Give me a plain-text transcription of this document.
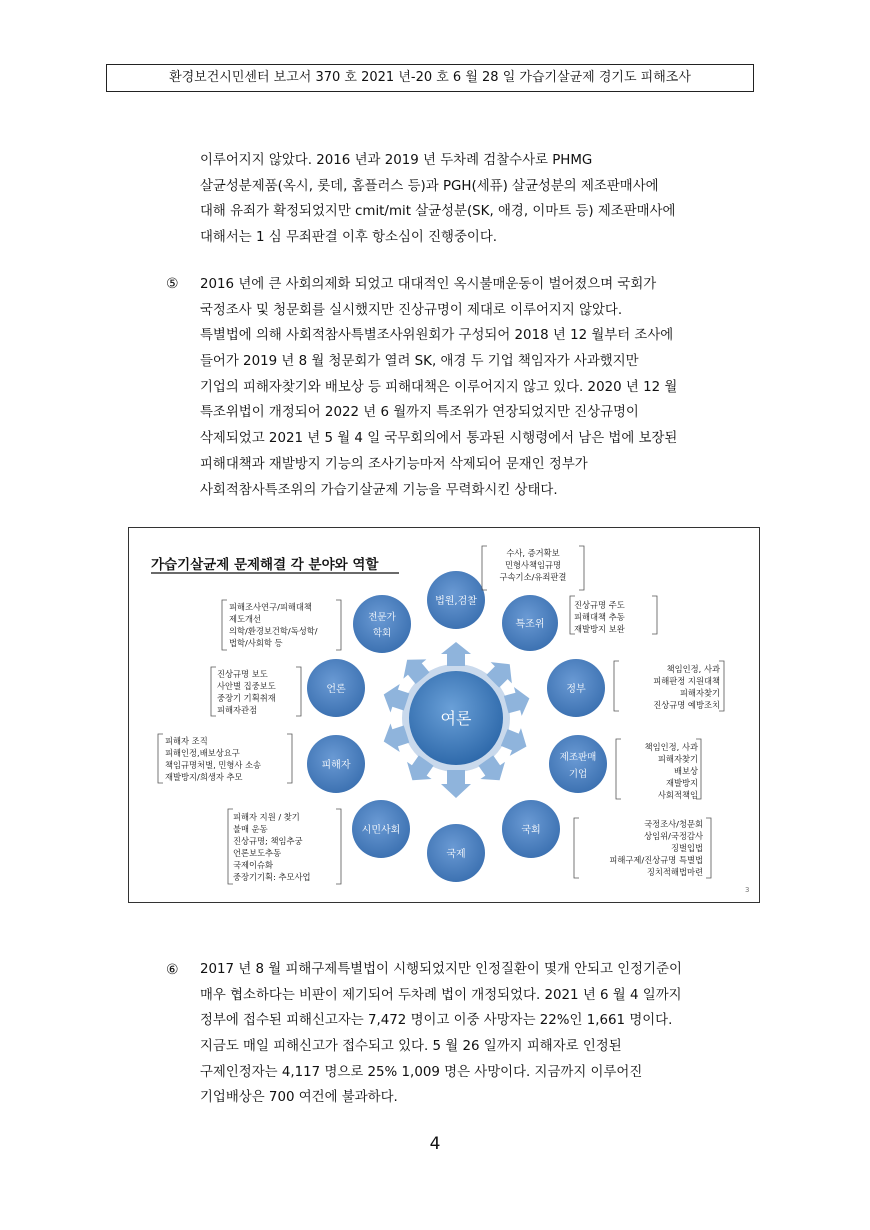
환경보건시민센터 보고서 370 호 2021 년-20 호 6 월 28 일 가습기살균제 경기도 피해조사
이루어지지 않았다. 2016 년과 2019 년 두차례 검찰수사로 PHMG
살균성분제품(옥시, 롯데, 홈플러스 등)과 PGH(세퓨) 살균성분의 제조판매사에
대해 유죄가 확정되었지만 cmit/mit 살균성분(SK, 애경, 이마트 등) 제조판매사에
대해서는 1 심 무죄판결 이후 항소심이 진행중이다.
⑤ 2016 년에 큰 사회의제화 되었고 대대적인 옥시불매운동이 벌어졌으며 국회가
국정조사 및 청문회를 실시했지만 진상규명이 제대로 이루어지지 않았다.
특별법에 의해 사회적참사특별조사위원회가 구성되어 2018 년 12 월부터 조사에
들어가 2019 년 8 월 청문회가 열려 SK, 애경 두 기업 책임자가 사과했지만
기업의 피해자찾기와 배보상 등 피해대책은 이루어지지 않고 있다. 2020 년 12 월
특조위법이 개정되어 2022 년 6 월까지 특조위가 연장되었지만 진상규명이
삭제되었고 2021 년 5 월 4 일 국무회의에서 통과된 시행령에서 남은 법에 보장된
피해대책과 재발방지 기능의 조사기능마저 삭제되어 문재인 정부가
사회적참사특조위의 가습기살균제 기능을 무력화시킨 상태다.
가습기살균제 문제해결 각 분야와 역할
여론
법원,검찰
특조위
정부
제조판매
기업
국회
국제
시민사회
피해자
언론
전문가
학회
수사, 증거확보
민형사책임규명
구속기소/유죄판결
진상규명 주도
피해대책 추동
재발방지 보완
책임인정, 사과
피해판정 지원대책
피해자찾기
진상규명 예방조치
책임인정, 사과
피해자찾기
배보상
재발방지
사회적책임
국정조사/청문회
상임위/국정감사
징벌입법
피해구제/진상규명 특별법
징치적해법마련
피해조사연구/피해대책
제도개선
의학/환경보건학/독성학/
법학/사회학 등
진상규명 보도
사안별 집중보도
중장기 기획취재
피해자관점
피해자 조직
피해인정,배보상요구
책임규명처벌, 민형사 소송
재발방지/희생자 추모
피해자 지원 / 찾기
불매 운동
진상규명; 책임추궁
언론보도추동
국제이슈화
중장기기획: 추모사업
3
⑥ 2017 년 8 월 피해구제특별법이 시행되었지만 인정질환이 몇개 안되고 인정기준이
매우 협소하다는 비판이 제기되어 두차례 법이 개정되었다. 2021 년 6 월 4 일까지
정부에 접수된 피해신고자는 7,472 명이고 이중 사망자는 22%인 1,661 명이다.
지금도 매일 피해신고가 접수되고 있다. 5 월 26 일까지 피해자로 인정된
구제인정자는 4,117 명으로 25% 1,009 명은 사망이다. 지금까지 이루어진
기업배상은 700 여건에 불과하다.
4
